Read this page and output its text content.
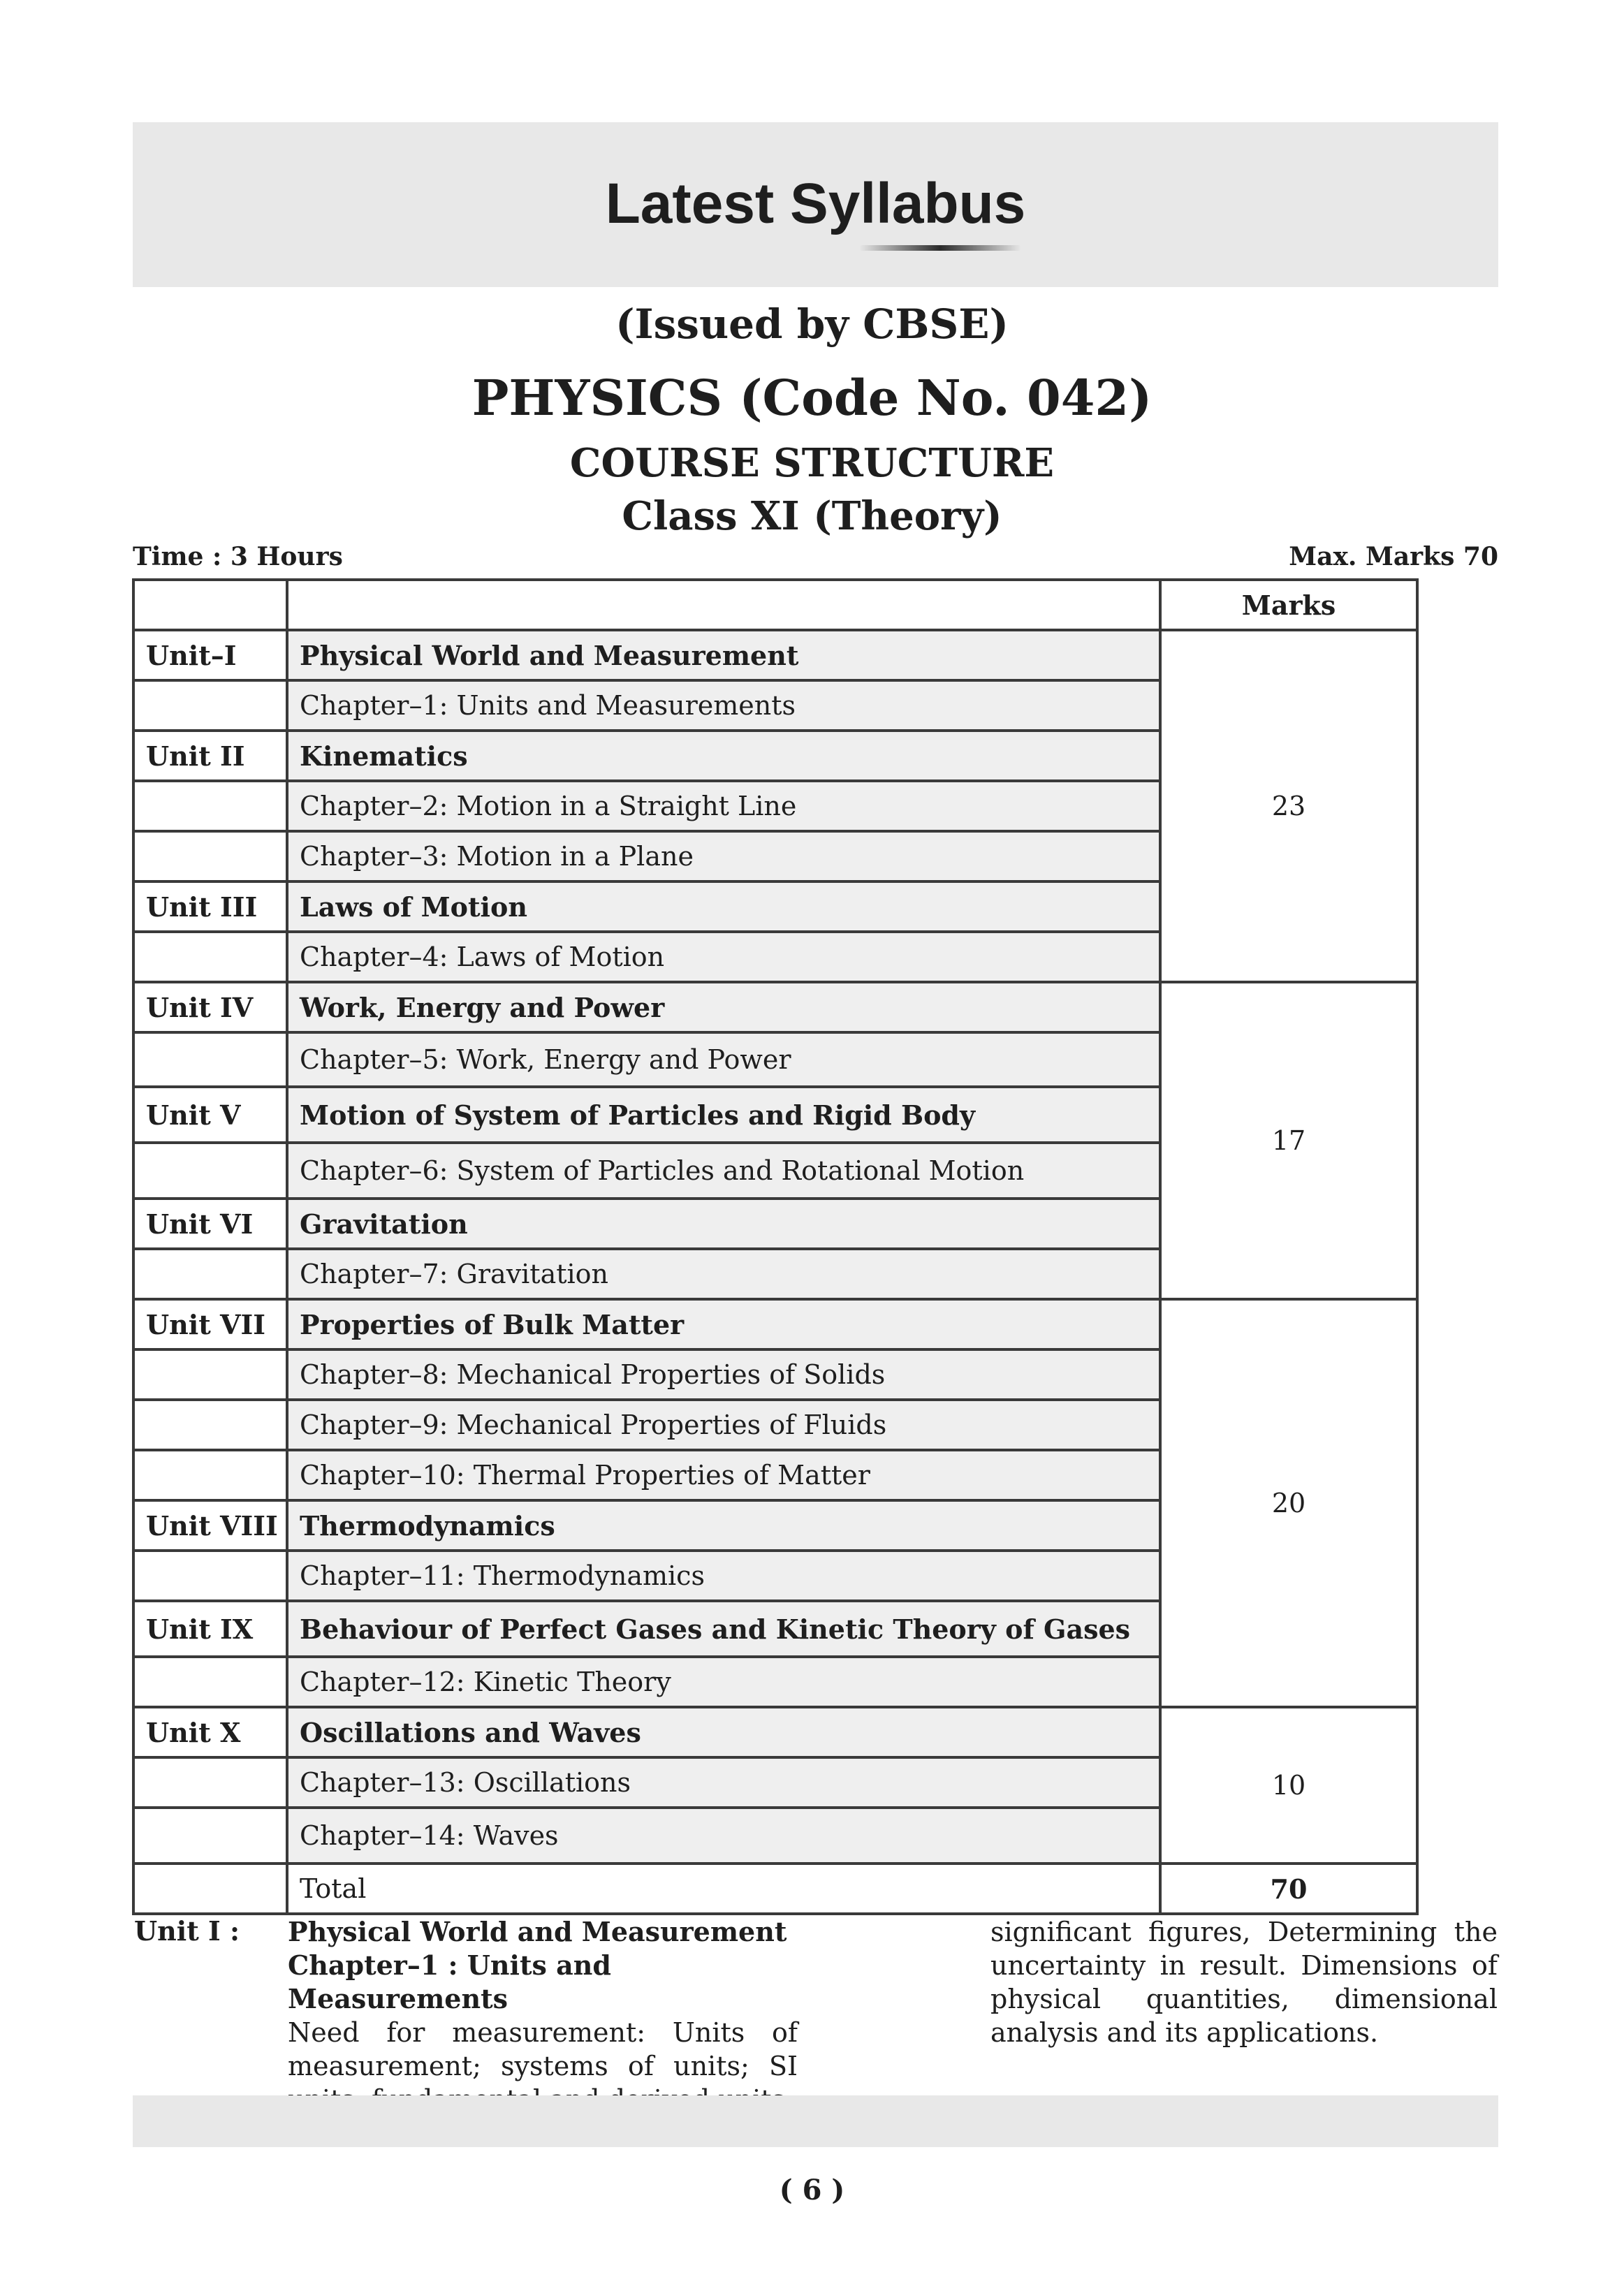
Latest Syllabus
(Issued by CBSE)
PHYSICS (Code No. 042)
COURSE STRUCTURE
Class XI (Theory)
Time : 3 Hours	Max. Marks 70
		Marks
Unit–I	Physical World and Measurement	23
	Chapter–1: Units and Measurements	
Unit II	Kinematics	
	Chapter–2: Motion in a Straight Line	
	Chapter–3: Motion in a Plane	
Unit III	Laws of Motion	
	Chapter–4: Laws of Motion	
Unit IV	Work, Energy and Power	17
	Chapter–5: Work, Energy and Power	
Unit V	Motion of System of Particles and Rigid Body	
	Chapter–6: System of Particles and Rotational Motion	
Unit VI	Gravitation	
	Chapter–7: Gravitation	
Unit VII	Properties of Bulk Matter	20
	Chapter–8: Mechanical Properties of Solids	
	Chapter–9: Mechanical Properties of Fluids	
	Chapter–10: Thermal Properties of Matter	
Unit VIII	Thermodynamics	
	Chapter–11: Thermodynamics	
Unit IX	Behaviour of Perfect Gases and Kinetic Theory of Gases	
	Chapter–12: Kinetic Theory	
Unit X	Oscillations and Waves	10
	Chapter–13: Oscillations	
	Chapter–14: Waves	
	Total	70
Unit I : Physical World and Measurement
Chapter–1 : Units and Measurements
Need for measurement: Units of measurement; systems of units; SI
significant figures, Determining the uncertainty in result. Dimensions of physical quantities, dimensional analysis and its applications.
( 6 )
